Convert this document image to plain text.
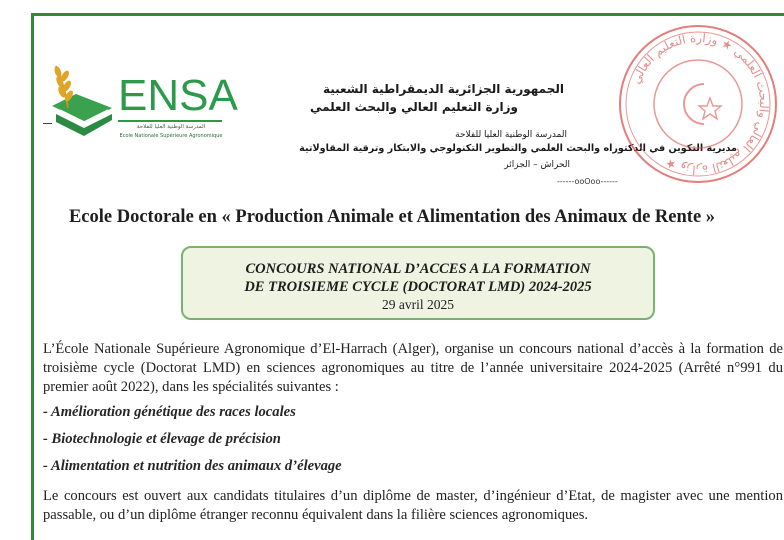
ENSA
المدرسة الوطنية العليا للفلاحة
Ecole Nationale Supérieure Agronomique
الجمهورية الجزائرية الديمقراطية الشعبية
وزارة التعليم العالي والبحث العلمي
المدرسة الوطنية العليا للفلاحة
مديرية التكوين في الدكتوراه والبحث العلمي والتطوير التكنولوجي والابتكار وترقية المقاولاتية
الحراش – الجزائر
------ooOoo------
وزارة التعليم العالي والبحث العلمي ★ وزارة التعليم العالي ★
Ecole Doctorale en « Production Animale et Alimentation des Animaux de Rente »
CONCOURS NATIONAL D’ACCES A LA FORMATION
DE TROISIEME CYCLE (DOCTORAT LMD) 2024-2025
29 avril 2025
L’École Nationale Supérieure Agronomique d’El-Harrach (Alger), organise un concours national d’accès à la formation de troisième cycle (Doctorat LMD) en sciences agronomiques au titre de l’année universitaire 2024-2025 (Arrêté n°991 du premier août 2022), dans les spécialités suivantes :
- Amélioration génétique des races locales
- Biotechnologie et élevage de précision
- Alimentation et nutrition des animaux d’élevage
Le concours est ouvert aux candidats titulaires d’un diplôme de master, d’ingénieur d’Etat, de magister avec une mention passable, ou d’un diplôme étranger reconnu équivalent dans la filière sciences agronomiques.
